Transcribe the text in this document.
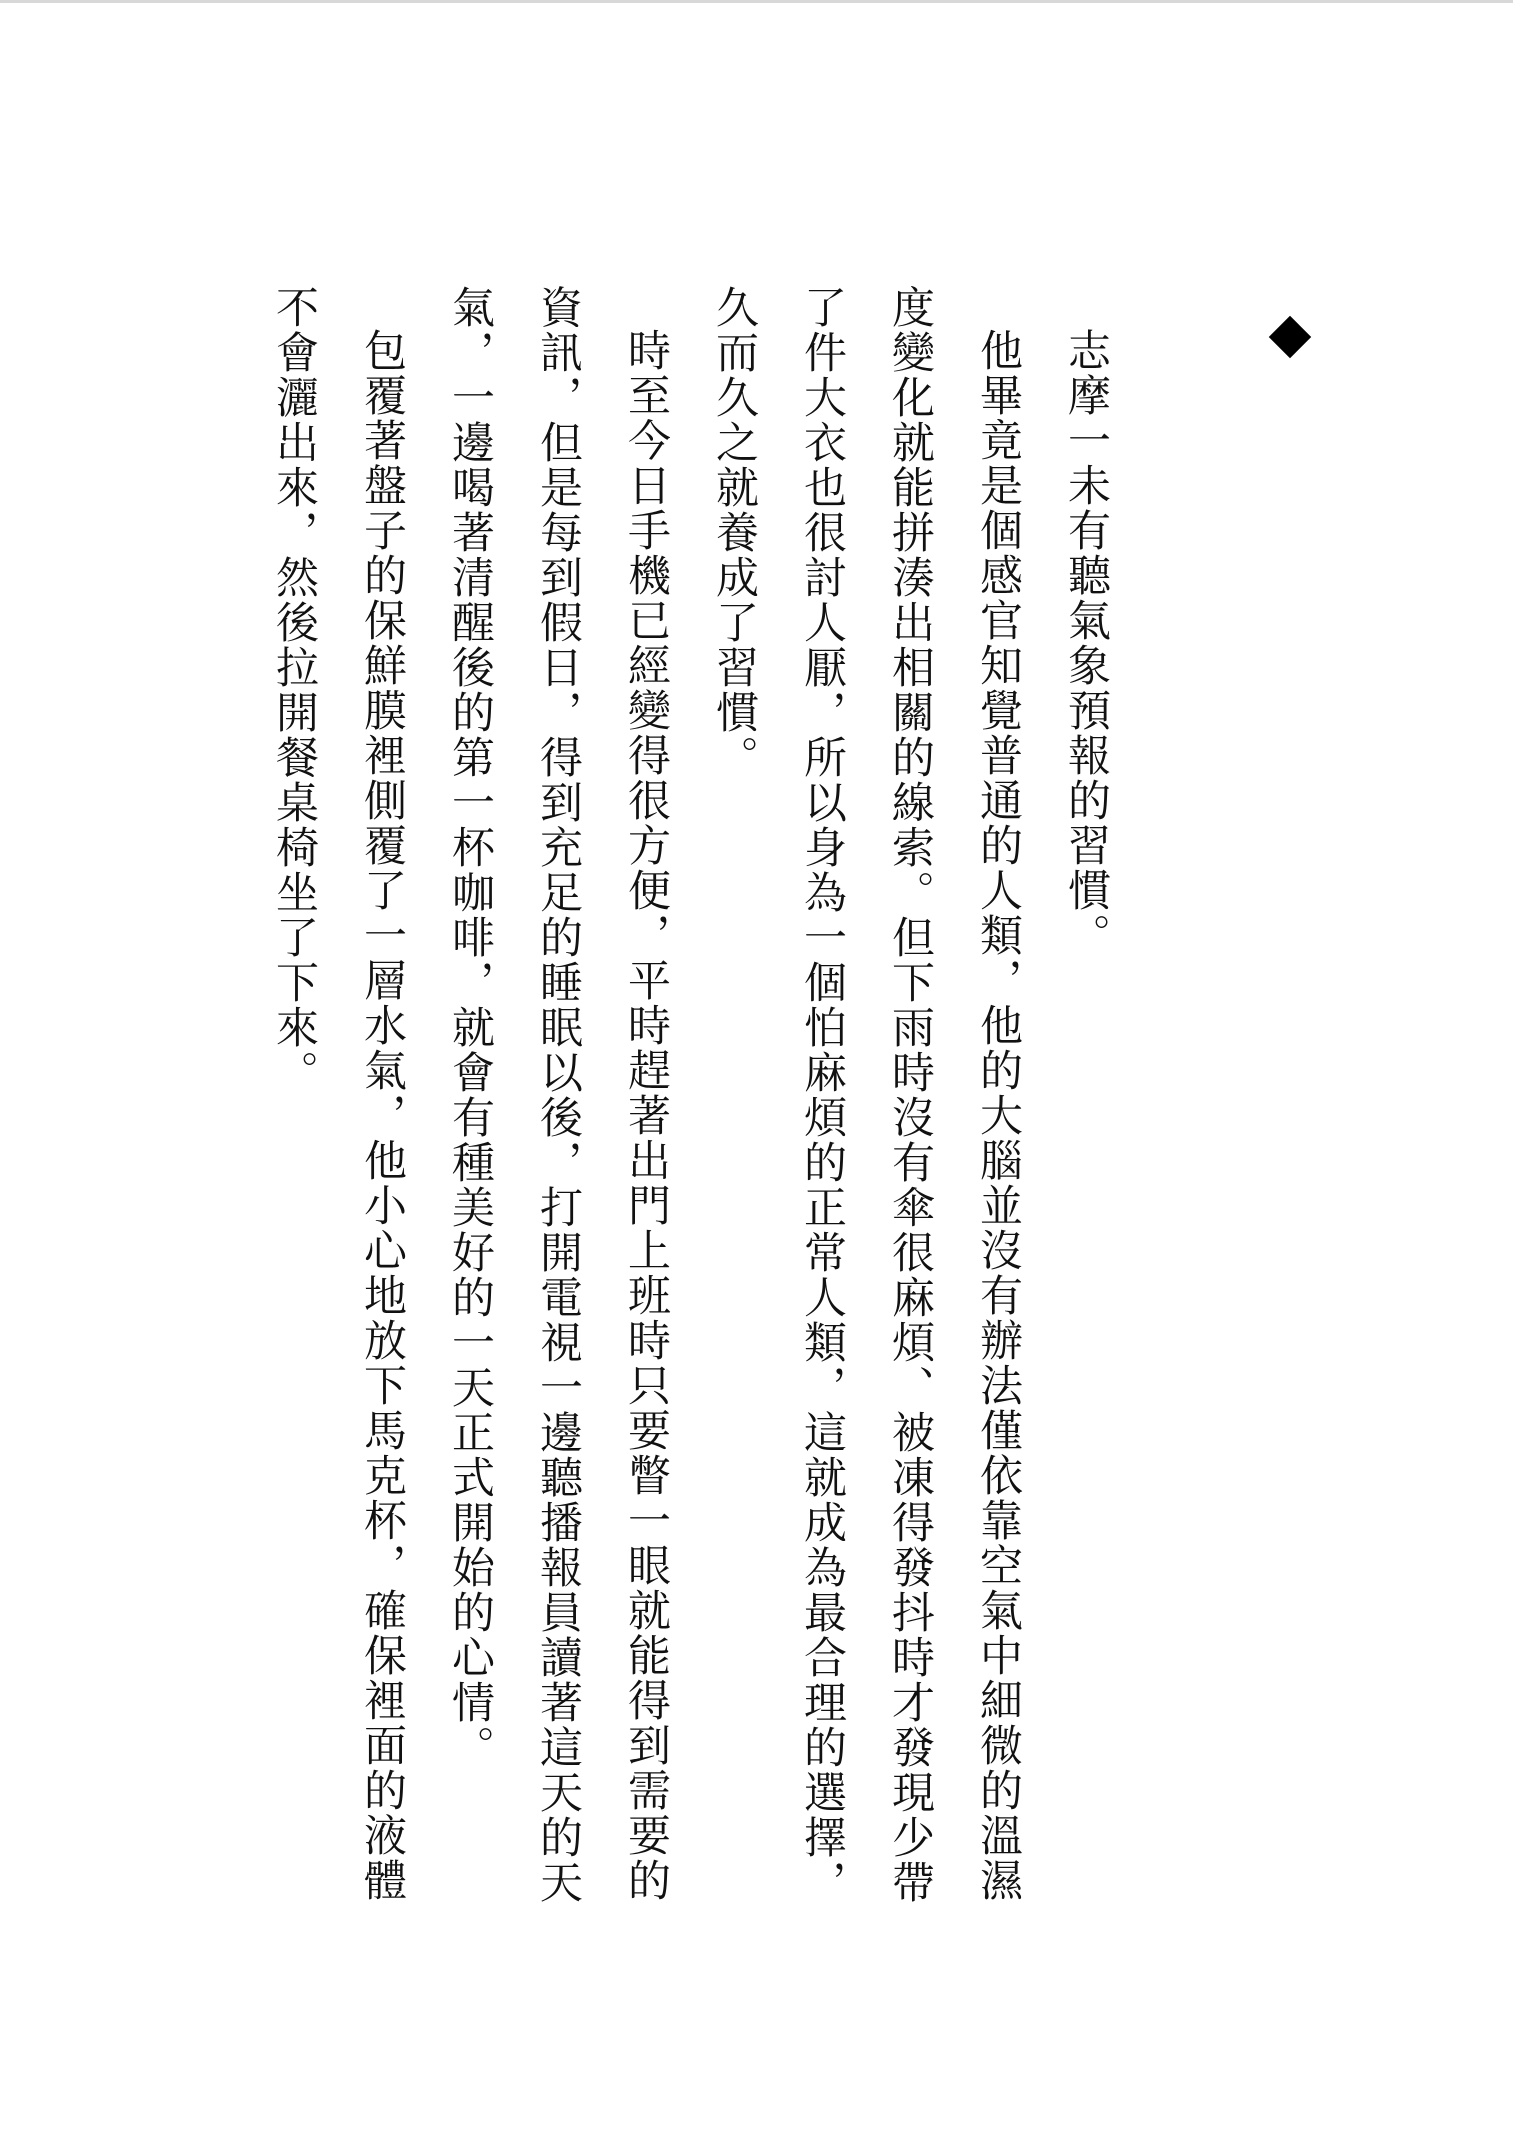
志摩一未有聽氣象預報的習慣。

他畢竟是個感官知覺普通的人類，他的大腦並沒有辦法僅依靠空氣中細微的溫濕度變化就能拼湊出相關的線索。但下雨時沒有傘很麻煩、被凍得發抖時才發現少帶了件大衣也很討人厭，所以身為一個怕麻煩的正常人類，這就成為最合理的選擇，久而久之就養成了習慣。

時至今日手機已經變得很方便，平時趕著出門上班時只要瞥一眼就能得到需要的資訊，但是每到假日，得到充足的睡眠以後，打開電視一邊聽播報員讀著這天的天氣，一邊喝著清醒後的第一杯咖啡，就會有種美好的一天正式開始的心情。

包覆著盤子的保鮮膜裡側覆了一層水氣，他小心地放下馬克杯，確保裡面的液體不會灑出來，然後拉開餐桌椅坐了下來。
